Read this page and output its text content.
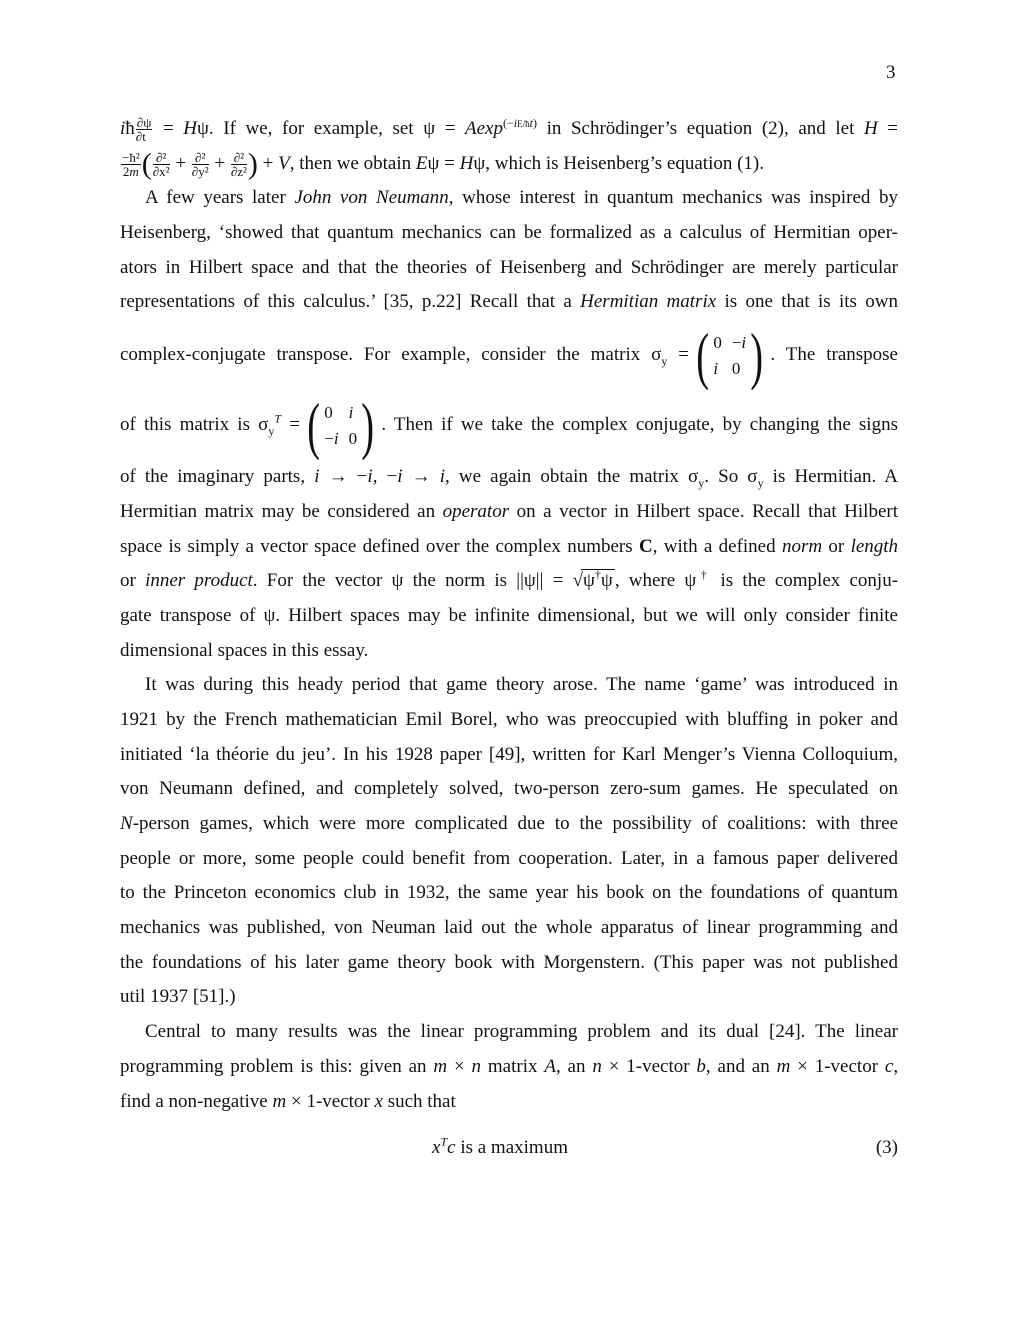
3
iħ $\frac{\partial\psi}{\partial t} = H\psi$. If we, for example, set ψ = Aexp$^{(-iE/ħt)}$ in Schrödinger’s equation (2), and let H =
$\frac{\text{−ħ²}}{2m}$ ( $\frac{\text{∂²}}{\text{∂x²}} + \frac{\text{∂²}}{\text{∂y²}} + \frac{\text{∂²}}{\text{∂z²}}$ ) + V, then we obtain Eψ = Hψ, which is Heisenberg’s equation (1).
A few years later John von Neumann, whose interest in quantum mechanics was inspired by
Heisenberg, ‘showed that quantum mechanics can be formalized as a calculus of Hermitian oper-
ators in Hilbert space and that the theories of Heisenberg and Schrödinger are merely particular
representations of this calculus.’ [35, p.22] Recall that a Hermitian matrix is one that is its own
complex-conjugate transpose. For example, consider the matrix $\sigma_y$ = ( 0 −i
i 0 ) . The transpose
of this matrix is $\sigma_y^T$ = ( 0 i
−i 0 ) . Then if we take the complex conjugate, by changing the signs
of the imaginary parts, i → −i, −i → i, we again obtain the matrix $\sigma_y$. So $\sigma_y$ is Hermitian. A
Hermitian matrix may be considered an operator on a vector in Hilbert space. Recall that Hilbert
space is simply a vector space defined over the complex numbers C, with a defined norm or length
or inner product. For the vector ψ the norm is ||ψ|| = √ψ†ψ , where ψ† is the complex conju-
gate transpose of ψ. Hilbert spaces may be infinite dimensional, but we will only consider finite
dimensional spaces in this essay.
It was during this heady period that game theory arose. The name ‘game’ was introduced in
1921 by the French mathematician Emil Borel, who was preoccupied with bluffing in poker and
initiated ‘la théorie du jeu’. In his 1928 paper [49], written for Karl Menger’s Vienna Colloquium,
von Neumann defined, and completely solved, two-person zero-sum games. He speculated on
N-person games, which were more complicated due to the possibility of coalitions: with three
people or more, some people could benefit from cooperation. Later, in a famous paper delivered
to the Princeton economics club in 1932, the same year his book on the foundations of quantum
mechanics was published, von Neuman laid out the whole apparatus of linear programming and
the foundations of his later game theory book with Morgenstern. (This paper was not published
util 1937 [51].)
Central to many results was the linear programming problem and its dual [24]. The linear
programming problem is this: given an m × n matrix A, an n × 1-vector b, and an m × 1-vector c,
find a non-negative m × 1-vector x such that
$x^Tc$ is a maximum	(3)
